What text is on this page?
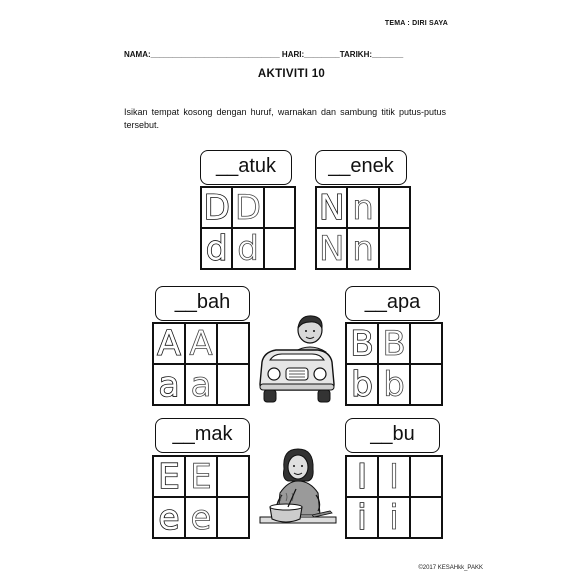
TEMA : DIRI SAYA
NAMA:_____________________________ HARI:________TARIKH:_______
AKTIVITI 10
Isikan tempat kosong dengan huruf, warnakan dan sambung titik putus-putus tersebut.
__atuk
D D
d d
__enek
N n
N n
__bah
A A
a a
__apa
B B
b b
__mak
E E
e e
__bu
I I
i i
©2017 KESAHkk_PAKK
